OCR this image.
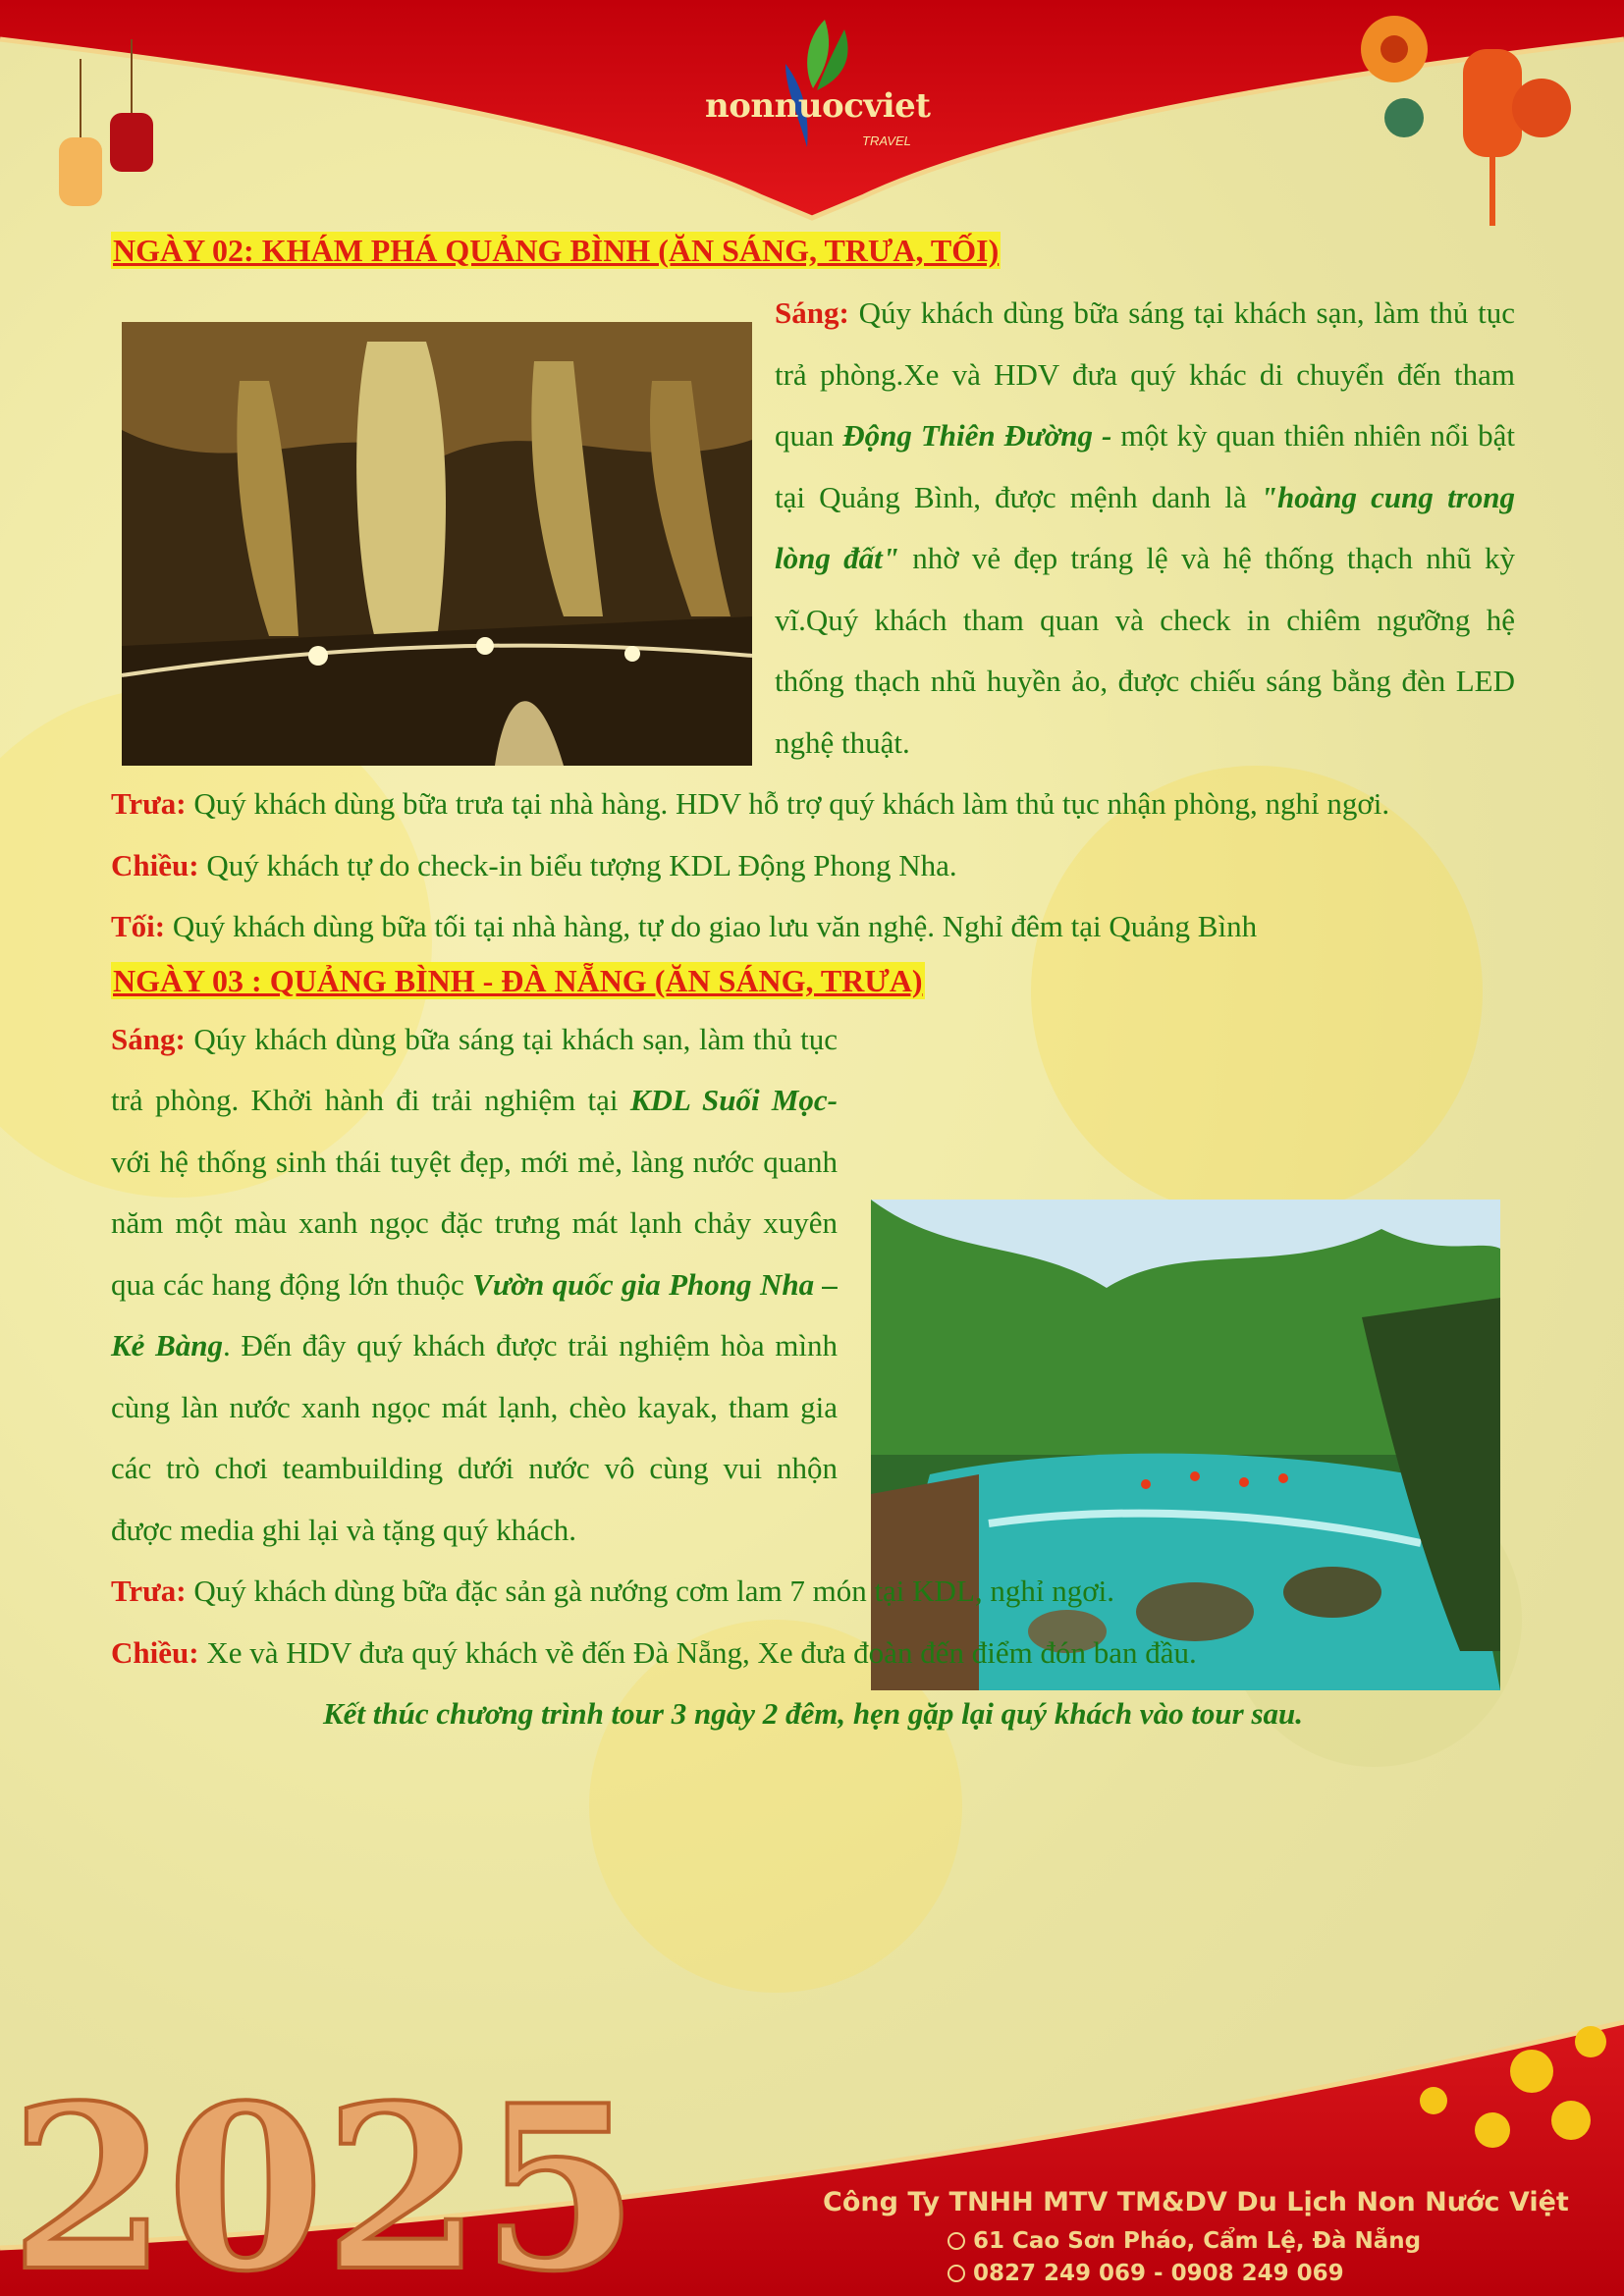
nonnuocviet
TRAVEL
NGÀY 02: KHÁM PHÁ QUẢNG BÌNH (ĂN SÁNG, TRƯA, TỐI)

Sáng: Qúy khách dùng bữa sáng tại khách sạn, làm thủ tục trả phòng.Xe và HDV đưa quý khác di chuyển đến tham quan Động Thiên Đường - một kỳ quan thiên nhiên nổi bật tại Quảng Bình, được mệnh danh là "hoàng cung trong lòng đất" nhờ vẻ đẹp tráng lệ và hệ thống thạch nhũ kỳ vĩ.Quý khách tham quan và check in chiêm ngưỡng hệ thống thạch nhũ huyền ảo, được chiếu sáng bằng đèn LED nghệ thuật.

Trưa: Quý khách dùng bữa trưa tại nhà hàng. HDV hỗ trợ quý khách làm thủ tục nhận phòng, nghỉ ngơi.

Chiều: Quý khách tự do check-in biểu tượng KDL Động Phong Nha.

Tối: Quý khách dùng bữa tối tại nhà hàng, tự do giao lưu văn nghệ. Nghỉ đêm tại Quảng Bình

NGÀY 03 : QUẢNG BÌNH - ĐÀ NẴNG (ĂN SÁNG, TRƯA)

Sáng: Qúy khách dùng bữa sáng tại khách sạn, làm thủ tục trả phòng. Khởi hành đi trải nghiệm tại KDL Suối Mọc- với hệ thống sinh thái tuyệt đẹp, mới mẻ, làng nước quanh năm một màu xanh ngọc đặc trưng mát lạnh chảy xuyên qua các hang động lớn thuộc Vườn quốc gia Phong Nha – Kẻ Bàng. Đến đây quý khách được trải nghiệm hòa mình cùng làn nước xanh ngọc mát lạnh, chèo kayak, tham gia các trò chơi teambuilding dưới nước vô cùng vui nhộn được media ghi lại và tặng quý khách.

Trưa: Quý khách dùng bữa đặc sản gà nướng cơm lam 7 món tại KDL, nghỉ ngơi.

Chiều: Xe và HDV đưa quý khách về đến Đà Nẵng, Xe đưa đoàn đến điểm đón ban đầu.

Kết thúc chương trình tour 3 ngày 2 đêm, hẹn gặp lại quý khách vào tour sau.

2025	Công Ty TNHH MTV TM&DV Du Lịch Non Nước Việt
61 Cao Sơn Pháo, Cẩm Lệ, Đà Nẵng
0827 249 069 - 0908 249 069
